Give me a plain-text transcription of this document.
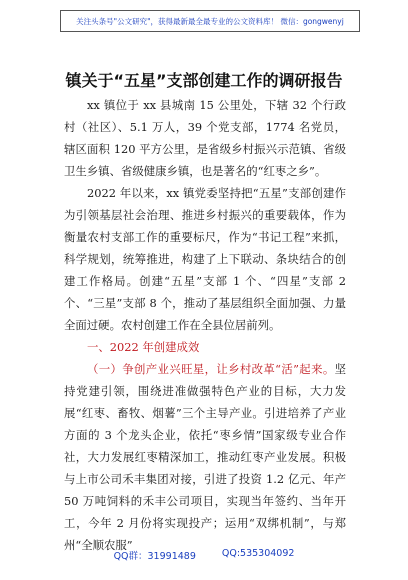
关注头条号"公文研究"，获得最新最全最专业的公文资料库！ 微信：gongwenyj
镇关于“五星”支部创建工作的调研报告

xx 镇位于 xx 县城南 15 公里处，下辖 32 个行政村（社区）、5.1 万人，39 个党支部，1774 名党员，辖区面积 120 平方公里，是省级乡村振兴示范镇、省级卫生乡镇、省级健康乡镇，也是著名的“红枣之乡”。

2022 年以来，xx 镇党委坚持把“五星”支部创建作为引领基层社会治理、推进乡村振兴的重要载体，作为衡量农村支部工作的重要标尺，作为“书记工程”来抓，科学规划，统筹推进，构建了上下联动、条块结合的创建工作格局。创建“五星”支部 1 个、“四星”支部 2 个、“三星”支部 8 个，推动了基层组织全面加强、力量全面过硬。农村创建工作在全县位居前列。

一、2022 年创建成效

（一）争创产业兴旺星，让乡村改革“活”起来。坚持党建引领，围绕进准做强特色产业的目标，大力发展“红枣、畜牧、烟薯”三个主导产业。引进培养了产业方面的 3 个龙头企业，依托“枣乡情”国家级专业合作社，大力发展红枣精深加工，推动红枣产业发展。积极与上市公司禾丰集团对接，引进了投资 1.2 亿元、年产 50 万吨饲料的禾丰公司项目，实现当年签约、当年开工，今年 2 月份将实现投产；运用“双绑机制”，与郑州“全顺农服”

QQ群：31991489	QQ:535304092
